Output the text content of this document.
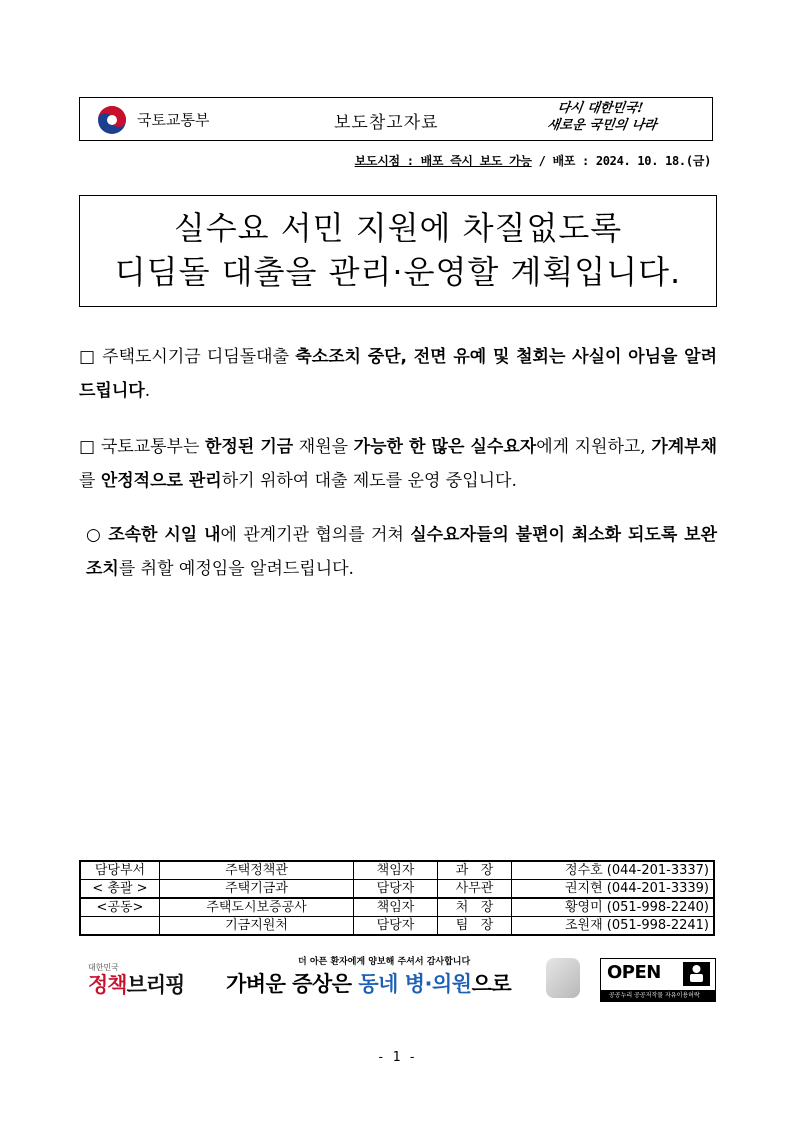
국토교통부	보도참고자료
다시 대한민국!
새로운 국민의 나라
보도시점 : 배포 즉시 보도 가능 / 배포 : 2024. 10. 18.(금)
실수요 서민 지원에 차질없도록
디딤돌 대출을 관리·운영할 계획입니다.
□ 주택도시기금 디딤돌대출 축소조치 중단, 전면 유예 및 철회는 사실이 아님을 알려드립니다.
□ 국토교통부는 한정된 기금 재원을 가능한 한 많은 실수요자에게 지원하고, 가계부채를 안정적으로 관리하기 위하여 대출 제도를 운영 중입니다.
○ 조속한 시일 내에 관계기관 협의를 거쳐 실수요자들의 불편이 최소화 되도록 보완 조치를 취할 예정임을 알려드립니다.
담당부서	주택정책관	책임자	과   장	정수호 (044-201-3337)
< 총괄 >	주택기금과	담당자	사무관	권지현 (044-201-3339)
<공동>	주택도시보증공사	책임자	처   장	황영미 (051-998-2240)
	기금지원처	담당자	팀   장	조원재 (051-998-2241)
대한민국
정책브리핑
더 아픈 환자에게 양보해 주셔서 감사합니다
가벼운 증상은 동네 병·의원으로	OPEN
공공누리 공공저작물 자유이용허락
- 1 -
